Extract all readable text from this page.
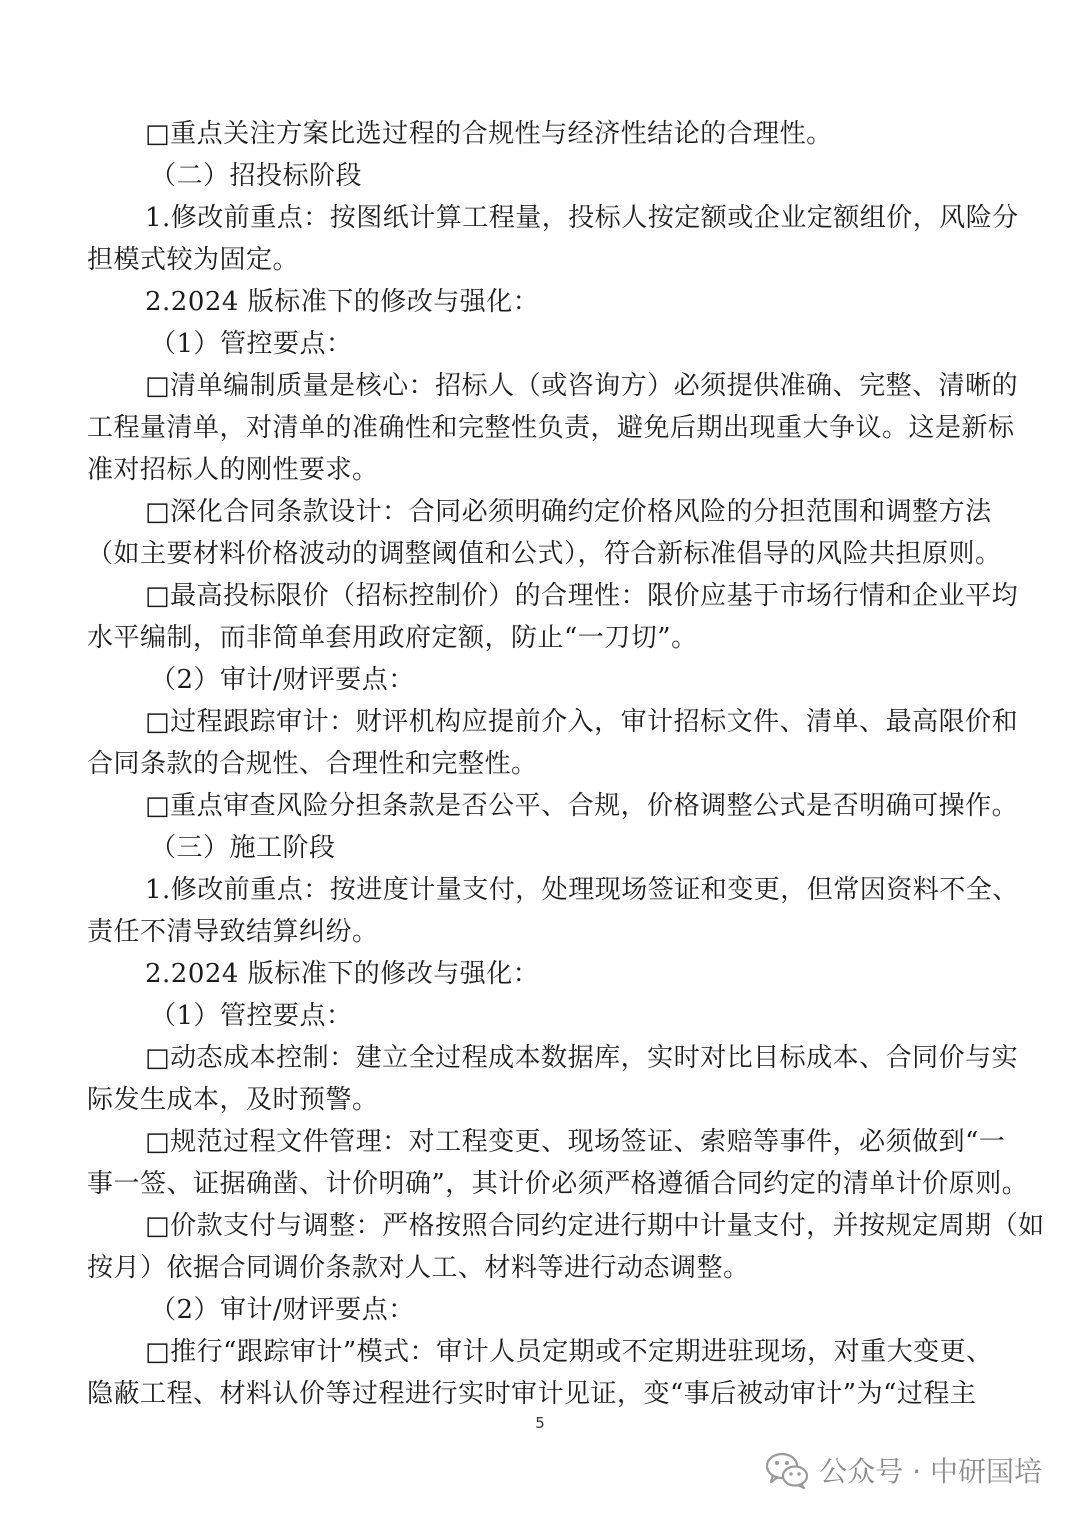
□重点关注方案比选过程的合规性与经济性结论的合理性。
（二）招投标阶段
1.修改前重点：按图纸计算工程量，投标人按定额或企业定额组价，风险分
担模式较为固定。
2.2024 版标准下的修改与强化：
（1）管控要点：
□清单编制质量是核心：招标人（或咨询方）必须提供准确、完整、清晰的
工程量清单，对清单的准确性和完整性负责，避免后期出现重大争议。这是新标
准对招标人的刚性要求。
□深化合同条款设计：合同必须明确约定价格风险的分担范围和调整方法
（如主要材料价格波动的调整阈值和公式），符合新标准倡导的风险共担原则。
□最高投标限价（招标控制价）的合理性：限价应基于市场行情和企业平均
水平编制，而非简单套用政府定额，防止“一刀切”。
（2）审计/财评要点：
□过程跟踪审计：财评机构应提前介入，审计招标文件、清单、最高限价和
合同条款的合规性、合理性和完整性。
□重点审查风险分担条款是否公平、合规，价格调整公式是否明确可操作。
（三）施工阶段
1.修改前重点：按进度计量支付，处理现场签证和变更，但常因资料不全、
责任不清导致结算纠纷。
2.2024 版标准下的修改与强化：
（1）管控要点：
□动态成本控制：建立全过程成本数据库，实时对比目标成本、合同价与实
际发生成本，及时预警。
□规范过程文件管理：对工程变更、现场签证、索赔等事件，必须做到“一
事一签、证据确凿、计价明确”，其计价必须严格遵循合同约定的清单计价原则。
□价款支付与调整：严格按照合同约定进行期中计量支付，并按规定周期（如
按月）依据合同调价条款对人工、材料等进行动态调整。
（2）审计/财评要点：
□推行“跟踪审计”模式：审计人员定期或不定期进驻现场，对重大变更、
隐蔽工程、材料认价等过程进行实时审计见证，变“事后被动审计”为“过程主
5
公众号 · 中研国培
